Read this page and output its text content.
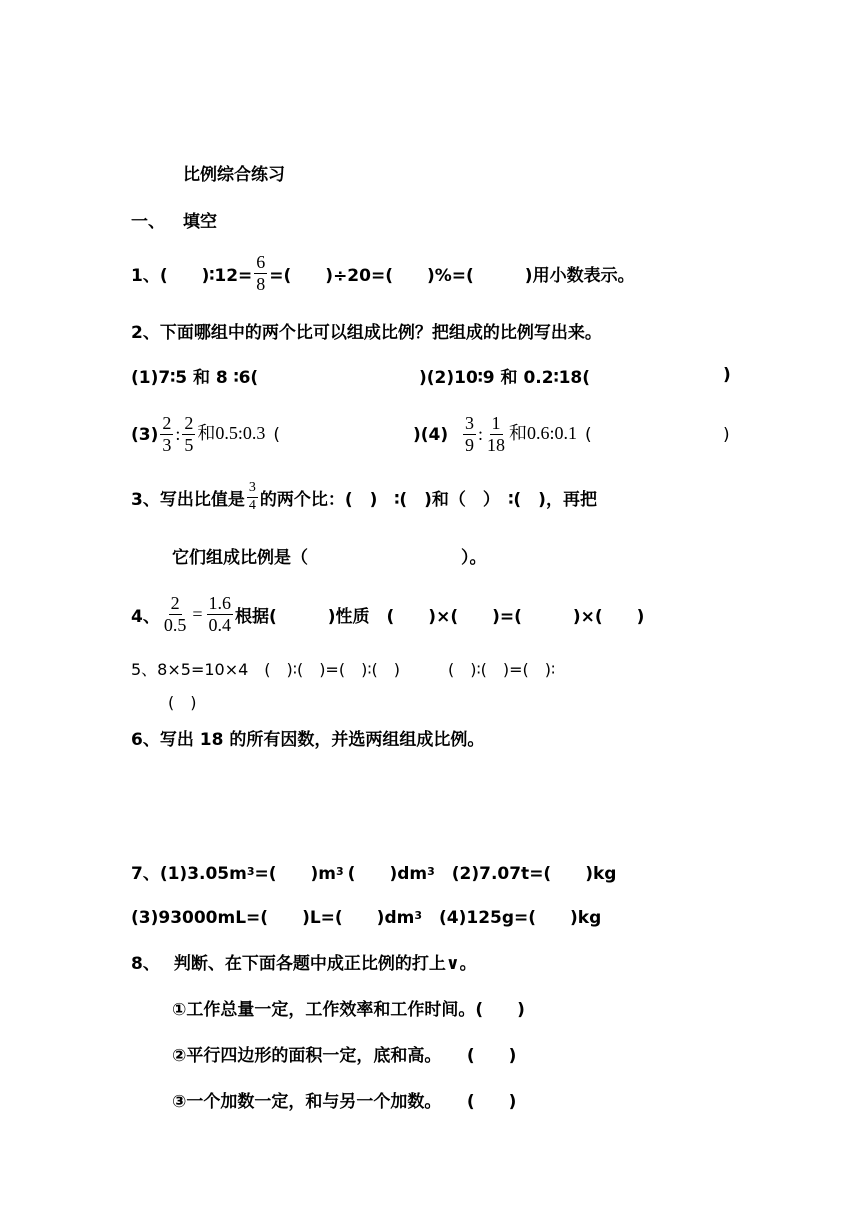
比例综合练习
一、 填空
1、(　　)∶12= $\frac{6}{8}$ =(　　)÷20=(　　)%=(　　　)用小数表示。
2、下面哪组中的两个比可以组成比例？把组成的比例写出来。
(1)7∶5 和 8 ∶6(	)(2)10∶9 和 0.2∶18(	)
$(3) \frac{2}{3}$ : $\frac{2}{5}$ 和0.5:0.3 (	)$(4) \frac{3}{9}$ : $\frac{1}{18}$ 和0.6:0.1 (	)
3、写出比值是 $\frac{3}{4}$ 的两个比：(　)　∶(　)和（　）　∶(　)，再把
它们组成比例是（　　　　　　　　　）。
4、 $\frac{2}{0.5} = \frac{1.6}{0.4}$ 根据(　　　)性质　(　　)×(　　)=(　　　)×(　　)
5、8×5=10×4　(　)∶(　)=(　)∶(　)　　　(　)∶(　)=(　)∶
(　)
6、写出 18 的所有因数，并选两组组成比例。
7、(1)3.05m 3 =(　　)m 3 (　　)dm 3 　(2)7.07t=(　　)kg
(3)93000mL=(　　)L=(　　)dm 3 　(4)125g=(　　)kg
8、 判断、在下面各题中成正比例的打上∨。
①工作总量一定，工作效率和工作时间。(　　)
②平行四边形的面积一定，底和高。　　(　　)
③一个加数一定，和与另一个加数。　　(　　)
